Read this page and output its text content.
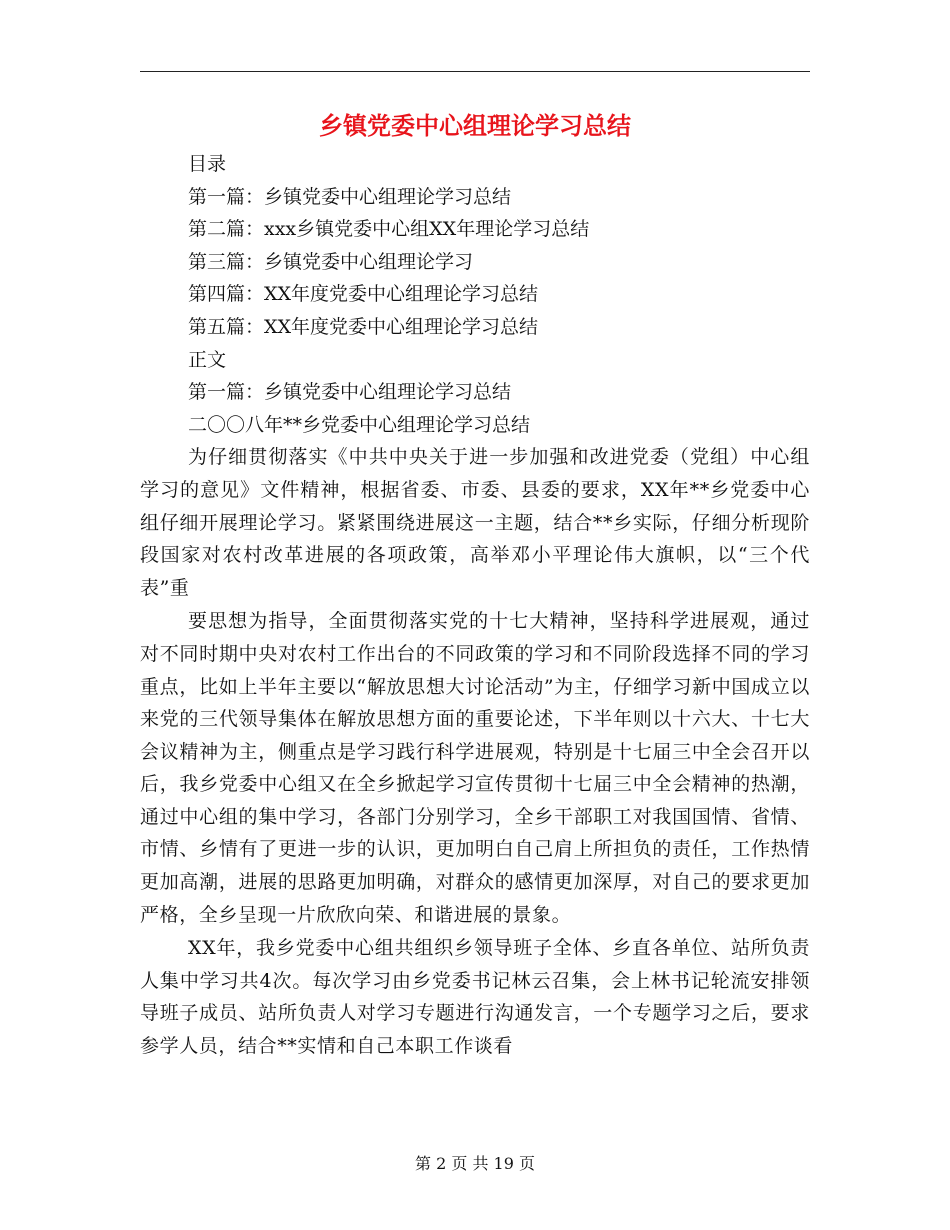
乡镇党委中心组理论学习总结

目录

第一篇：乡镇党委中心组理论学习总结

第二篇：xxx乡镇党委中心组XX年理论学习总结

第三篇：乡镇党委中心组理论学习

第四篇：XX年度党委中心组理论学习总结

第五篇：XX年度党委中心组理论学习总结

正文

第一篇：乡镇党委中心组理论学习总结

二〇〇八年**乡党委中心组理论学习总结

为仔细贯彻落实《中共中央关于进一步加强和改进党委（党组）中心组学习的意见》文件精神，根据省委、市委、县委的要求，XX年**乡党委中心组仔细开展理论学习。紧紧围绕进展这一主题，结合**乡实际，仔细分析现阶段国家对农村改革进展的各项政策，高举邓小平理论伟大旗帜，以“三个代表”重

要思想为指导，全面贯彻落实党的十七大精神，坚持科学进展观，通过对不同时期中央对农村工作出台的不同政策的学习和不同阶段选择不同的学习重点，比如上半年主要以“解放思想大讨论活动”为主，仔细学习新中国成立以来党的三代领导集体在解放思想方面的重要论述，下半年则以十六大、十七大会议精神为主，侧重点是学习践行科学进展观，特别是十七届三中全会召开以后，我乡党委中心组又在全乡掀起学习宣传贯彻十七届三中全会精神的热潮，通过中心组的集中学习，各部门分别学习，全乡干部职工对我国国情、省情、市情、乡情有了更进一步的认识，更加明白自己肩上所担负的责任，工作热情更加高潮，进展的思路更加明确，对群众的感情更加深厚，对自己的要求更加严格，全乡呈现一片欣欣向荣、和谐进展的景象。

XX年，我乡党委中心组共组织乡领导班子全体、乡直各单位、站所负责人集中学习共4次。每次学习由乡党委书记林云召集，会上林书记轮流安排领导班子成员、站所负责人对学习专题进行沟通发言，一个专题学习之后，要求参学人员，结合**实情和自己本职工作谈看

第 2 页 共 19 页
